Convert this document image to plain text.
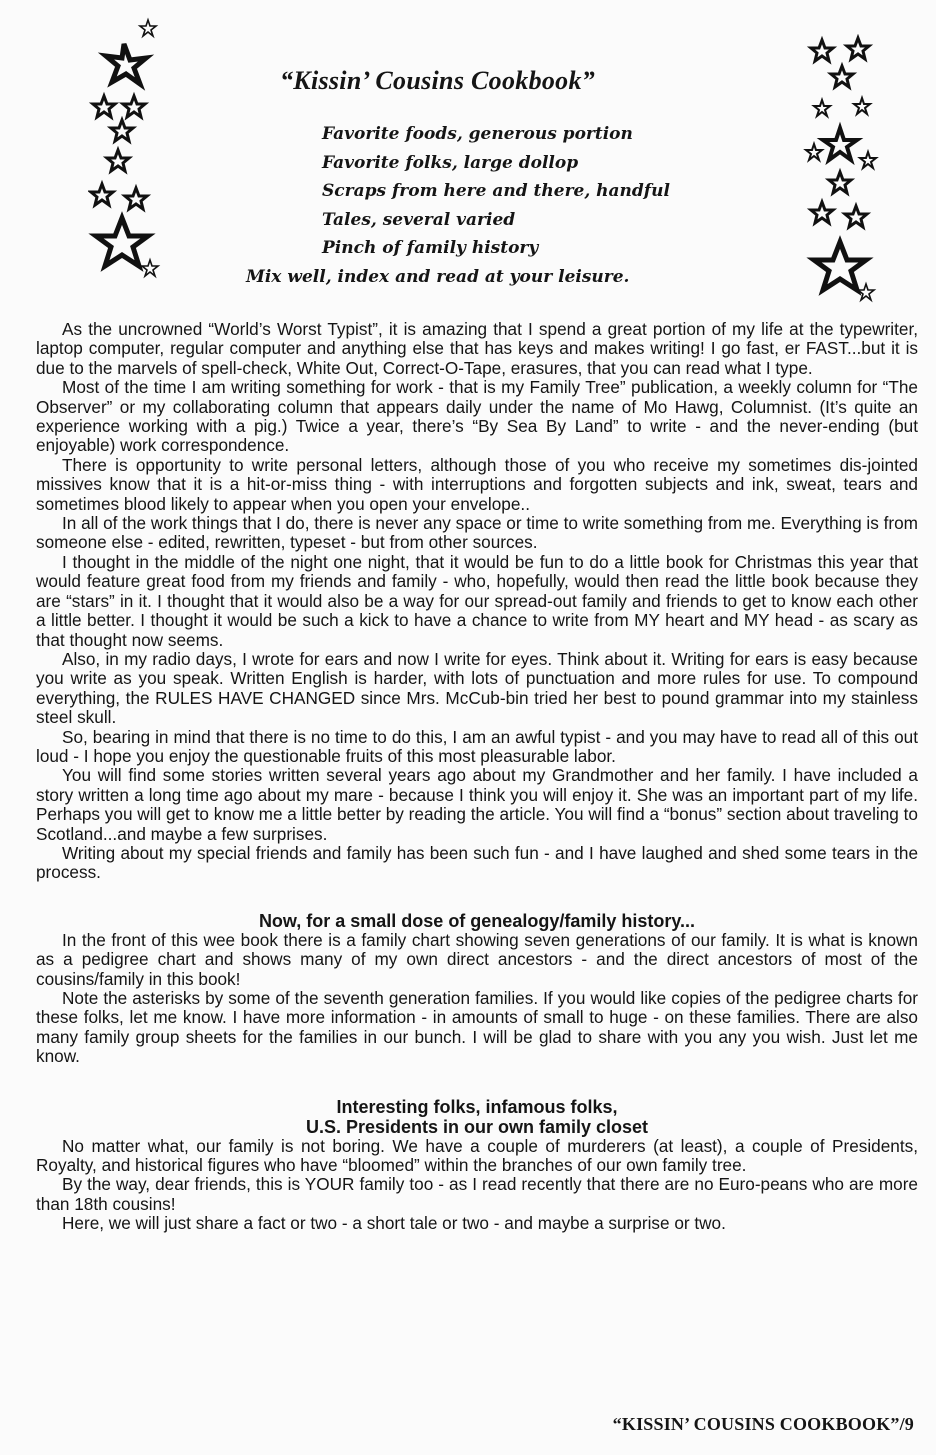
“Kissin’ Cousins Cookbook”
Favorite foods, generous portion
Favorite folks, large dollop
Scraps from here and there, handful
Tales, several varied
Pinch of family history
Mix well, index and read at your leisure.

As the uncrowned “World’s Worst Typist”, it is amazing that I spend a great portion of my life at the typewriter, laptop computer, regular computer and anything else that has keys and makes writing! I go fast, er FAST...but it is due to the marvels of spell-check, White Out, Correct-O-Tape, erasures, that you can read what I type.

Most of the time I am writing something for work - that is my Family Tree” publication, a weekly column for “The Observer” or my collaborating column that appears daily under the name of Mo Hawg, Columnist. (It’s quite an experience working with a pig.) Twice a year, there’s “By Sea By Land” to write - and the never-ending (but enjoyable) work correspondence.

There is opportunity to write personal letters, although those of you who receive my sometimes dis-jointed missives know that it is a hit-or-miss thing - with interruptions and forgotten subjects and ink, sweat, tears and sometimes blood likely to appear when you open your envelope..

In all of the work things that I do, there is never any space or time to write something from me. Everything is from someone else - edited, rewritten, typeset - but from other sources.

I thought in the middle of the night one night, that it would be fun to do a little book for Christmas this year that would feature great food from my friends and family - who, hopefully, would then read the little book because they are “stars” in it. I thought that it would also be a way for our spread-out family and friends to get to know each other a little better. I thought it would be such a kick to have a chance to write from MY heart and MY head - as scary as that thought now seems.

Also, in my radio days, I wrote for ears and now I write for eyes. Think about it. Writing for ears is easy because you write as you speak. Written English is harder, with lots of punctuation and more rules for use. To compound everything, the RULES HAVE CHANGED since Mrs. McCub-bin tried her best to pound grammar into my stainless steel skull.

So, bearing in mind that there is no time to do this, I am an awful typist - and you may have to read all of this out loud - I hope you enjoy the questionable fruits of this most pleasurable labor.

You will find some stories written several years ago about my Grandmother and her family. I have included a story written a long time ago about my mare - because I think you will enjoy it. She was an important part of my life. Perhaps you will get to know me a little better by reading the article. You will find a “bonus” section about traveling to Scotland...and maybe a few surprises.

Writing about my special friends and family has been such fun - and I have laughed and shed some tears in the process.

Now, for a small dose of genealogy/family history...

In the front of this wee book there is a family chart showing seven generations of our family. It is what is known as a pedigree chart and shows many of my own direct ancestors - and the direct ancestors of most of the cousins/family in this book!

Note the asterisks by some of the seventh generation families. If you would like copies of the pedigree charts for these folks, let me know. I have more information - in amounts of small to huge - on these families. There are also many family group sheets for the families in our bunch. I will be glad to share with you any you wish. Just let me know.

Interesting folks, infamous folks,
U.S. Presidents in our own family closet

No matter what, our family is not boring. We have a couple of murderers (at least), a couple of Presidents, Royalty, and historical figures who have “bloomed” within the branches of our own family tree.

By the way, dear friends, this is YOUR family too - as I read recently that there are no Euro-peans who are more than 18th cousins!

Here, we will just share a fact or two - a short tale or two - and maybe a surprise or two.

“KISSIN’ COUSINS COOKBOOK”/9
